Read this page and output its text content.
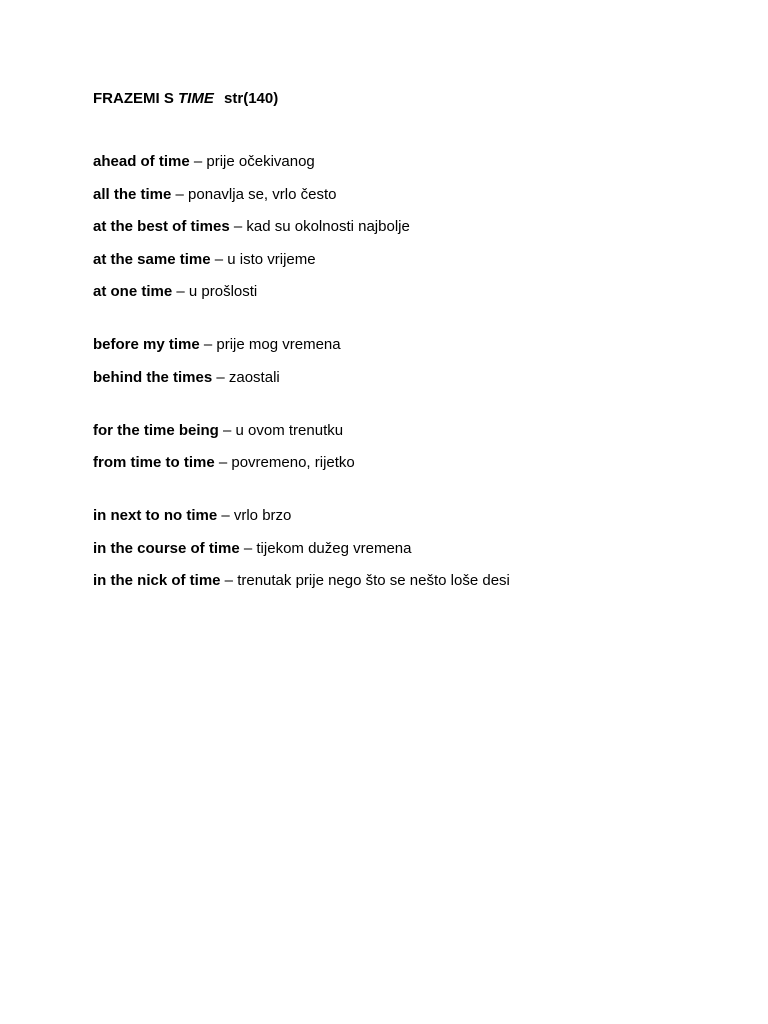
FRAZEMI S TIME str(140)
ahead of time – prije očekivanog
all the time – ponavlja se, vrlo često
at the best of times – kad su okolnosti najbolje
at the same time – u isto vrijeme
at one time – u prošlosti
before my time – prije mog vremena
behind the times – zaostali
for the time being – u ovom trenutku
from time to time – povremeno, rijetko
in next to no time – vrlo brzo
in the course of time – tijekom dužeg vremena
in the nick of time – trenutak prije nego što se nešto loše desi
